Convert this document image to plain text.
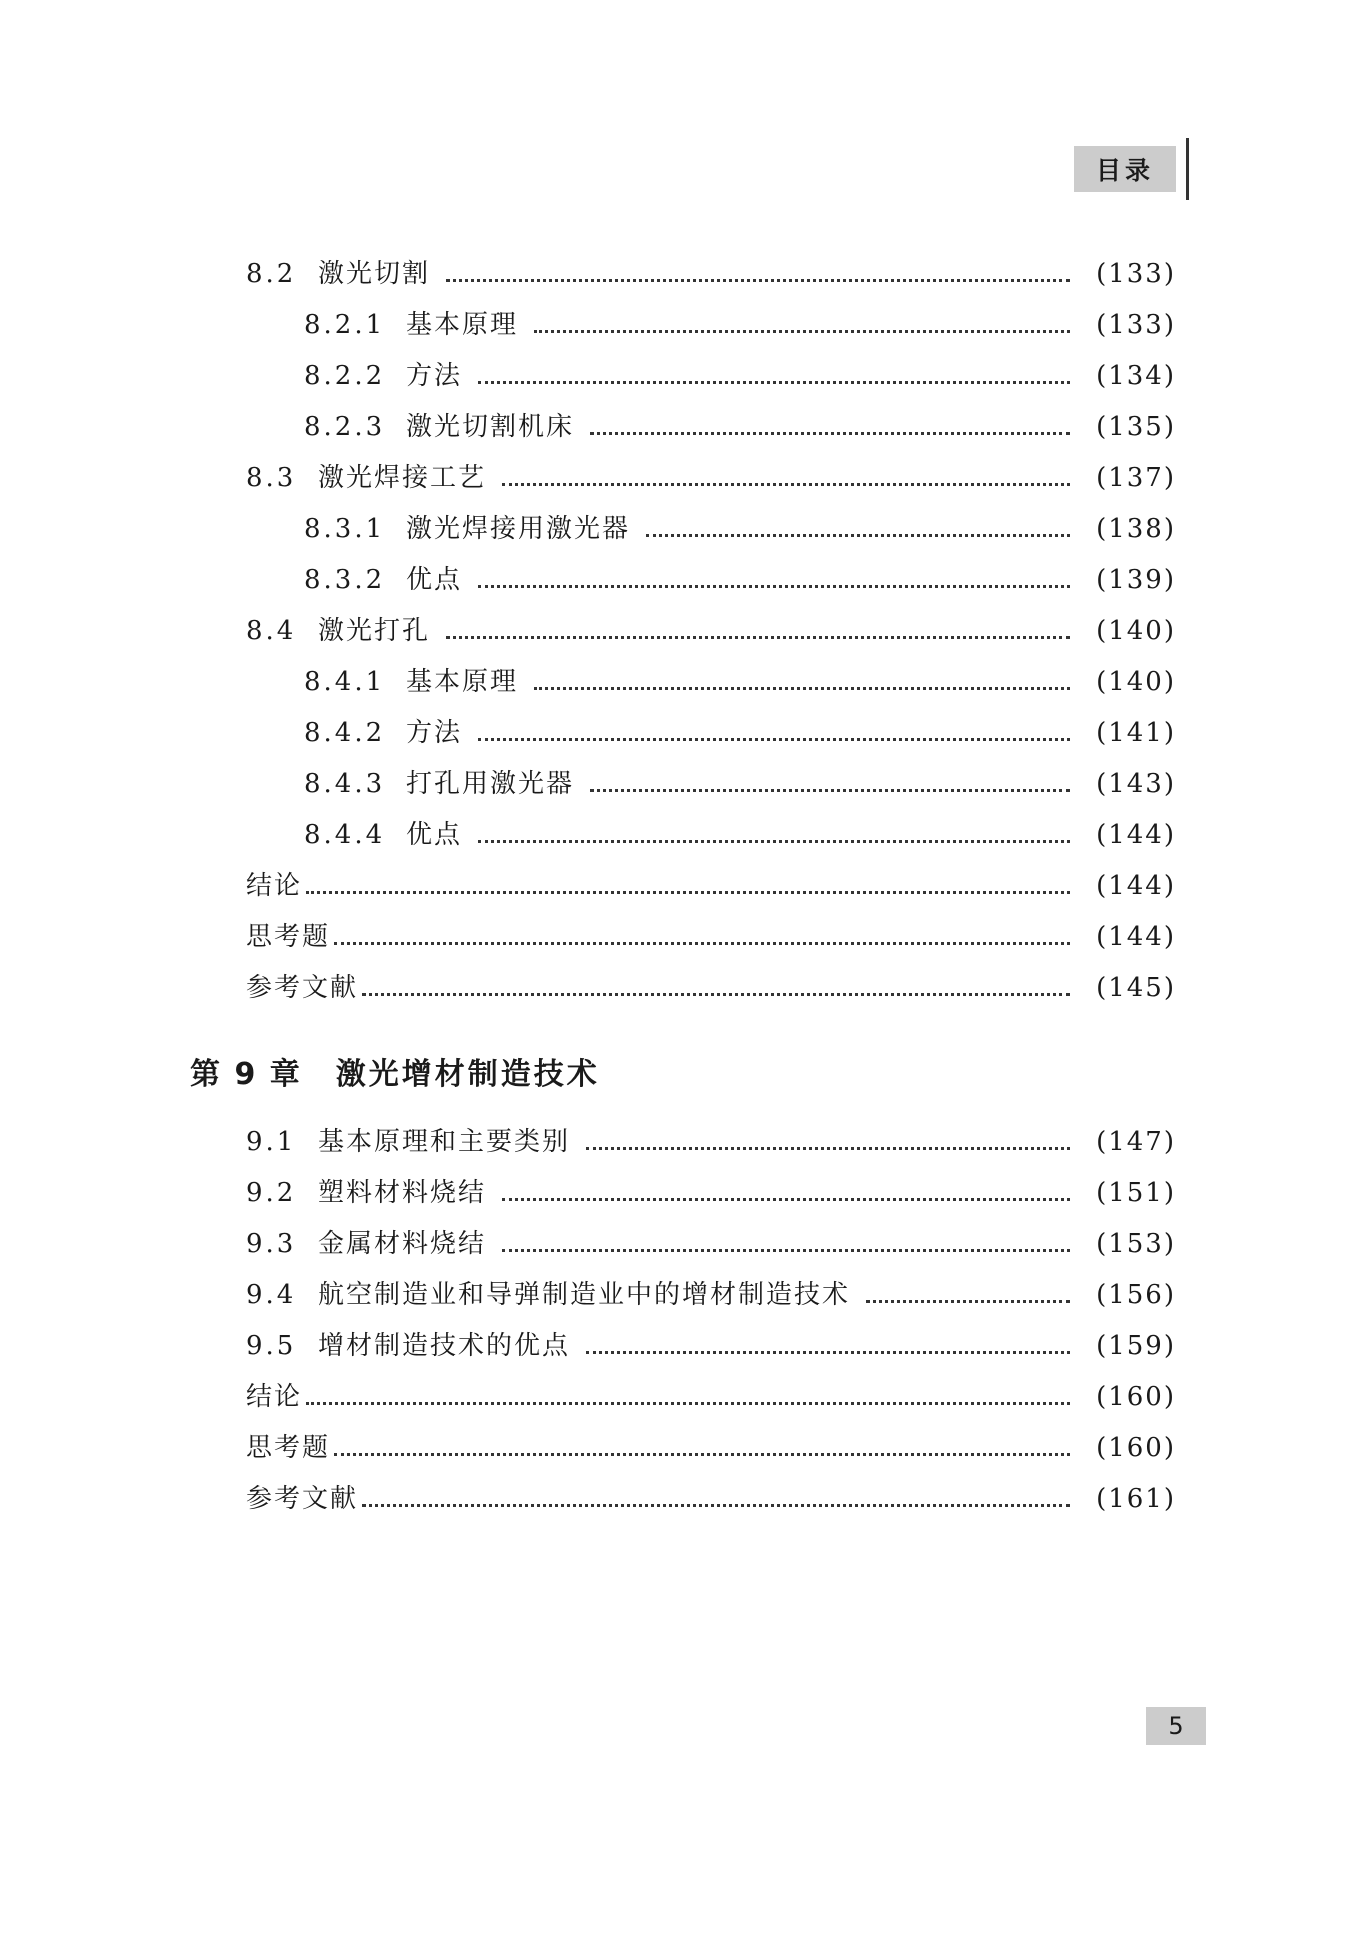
目录
8.2 激光切割	(133)
8.2.1 基本原理	(133)
8.2.2 方法	(134)
8.2.3 激光切割机床	(135)
8.3 激光焊接工艺	(137)
8.3.1 激光焊接用激光器	(138)
8.3.2 优点	(139)
8.4 激光打孔	(140)
8.4.1 基本原理	(140)
8.4.2 方法	(141)
8.4.3 打孔用激光器	(143)
8.4.4 优点	(144)
结论	(144)
思考题	(144)
参考文献	(145)
第 9 章 激光增材制造技术
9.1 基本原理和主要类别	(147)
9.2 塑料材料烧结	(151)
9.3 金属材料烧结	(153)
9.4 航空制造业和导弹制造业中的增材制造技术	(156)
9.5 增材制造技术的优点	(159)
结论	(160)
思考题	(160)
参考文献	(161)
5
